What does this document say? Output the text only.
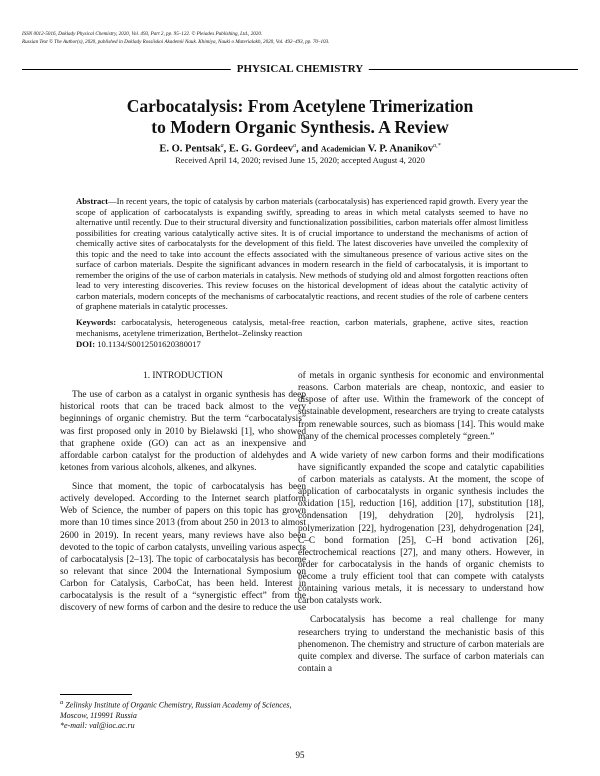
ISSN 0012-5016, Doklady Physical Chemistry, 2020, Vol. 493, Part 2, pp. 95–122. © Pleiades Publishing, Ltd., 2020.
Russian Text © The Author(s), 2020, published in Doklady Rossiiskoi Akademii Nauk. Khimiya, Nauki o Materialakh, 2020, Vol. 492–493, pp. 70–103.
PHYSICAL CHEMISTRY
Carbocatalysis: From Acetylene Trimerization
to Modern Organic Synthesis. A Review
E. O. Pentsak$^a$, E. G. Gordeev$^a$, and Academician V. P. Ananikov$^{a,*}$
Received April 14, 2020; revised June 15, 2020; accepted August 4, 2020
Abstract—In recent years, the topic of catalysis by carbon materials (carbocatalysis) has experienced rapid growth. Every year the scope of application of carbocatalysts is expanding swiftly, spreading to areas in which metal catalysts seemed to have no alternative until recently. Due to their structural diversity and functionalization possibilities, carbon materials offer almost limitless possibilities for creating various catalytically active sites. It is of crucial importance to understand the mechanisms of action of chemically active sites of carbocatalysts for the development of this field. The latest discoveries have unveiled the complexity of this topic and the need to take into account the effects associated with the simultaneous presence of various active sites on the surface of carbon materials. Despite the significant advances in modern research in the field of carbocatalysis, it is important to remember the origins of the use of carbon materials in catalysis. New methods of studying old and almost forgotten reactions often lead to very interesting discoveries. This review focuses on the historical development of ideas about the catalytic activity of carbon materials, modern concepts of the mechanisms of carbocatalytic reactions, and recent studies of the role of carbene centers of graphene materials in catalytic processes.
Keywords: carbocatalysis, heterogeneous catalysis, metal-free reaction, carbon materials, graphene, active sites, reaction mechanisms, acetylene trimerization, Berthelot–Zelinsky reaction
DOI: 10.1134/S0012501620380017

1. INTRODUCTION

The use of carbon as a catalyst in organic synthesis has deep historical roots that can be traced back almost to the very beginnings of organic chemistry. But the term “carbocatalysis” was first proposed only in 2010 by Bielawski [1], who showed that graphene oxide (GO) can act as an inexpensive and affordable carbon catalyst for the production of aldehydes and ketones from various alcohols, alkenes, and alkynes.

Since that moment, the topic of carbocatalysis has been actively developed. According to the Internet search platform Web of Science, the number of papers on this topic has grown more than 10 times since 2013 (from about 250 in 2013 to almost 2600 in 2019). In recent years, many reviews have also been devoted to the topic of carbon catalysts, unveiling various aspects of carbocatalysis [2–13]. The topic of carbocatalysis has become so relevant that since 2004 the International Symposium on Carbon for Catalysis, CarboCat, has been held. Interest in carbocatalysis is the result of a “synergistic effect” from the discovery of new forms of carbon and the desire to reduce the use

of metals in organic synthesis for economic and environmental reasons. Carbon materials are cheap, nontoxic, and easier to dispose of after use. Within the framework of the concept of sustainable development, researchers are trying to create catalysts from renewable sources, such as biomass [14]. This would make many of the chemical processes completely “green.”

A wide variety of new carbon forms and their modifications have significantly expanded the scope and catalytic capabilities of carbon materials as catalysts. At the moment, the scope of application of carbocatalysts in organic synthesis includes the oxidation [15], reduction [16], addition [17], substitution [18], condensation [19], dehydration [20], hydrolysis [21], polymerization [22], hydrogenation [23], dehydrogenation [24], C–C bond formation [25], C–H bond activation [26], electrochemical reactions [27], and many others. However, in order for carbocatalysis in the hands of organic chemists to become a truly efficient tool that can compete with catalysts containing various metals, it is necessary to understand how carbon catalysts work.

Carbocatalysis has become a real challenge for many researchers trying to understand the mechanistic basis of this phenomenon. The chemistry and structure of carbon materials are quite complex and diverse. The surface of carbon materials can contain a

95
$^a$ Zelinsky Institute of Organic Chemistry, Russian Academy of Sciences, Moscow, 119991 Russia
*e-mail: val@ioc.ac.ru
